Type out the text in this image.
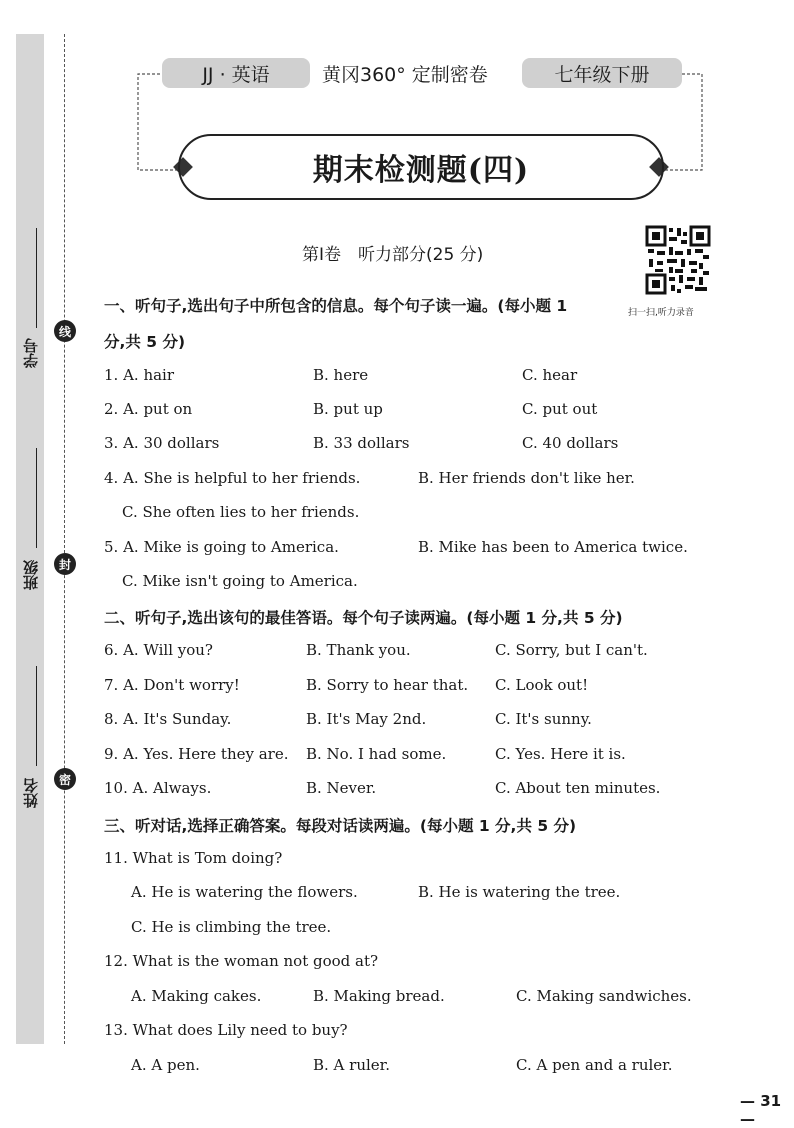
学号
班级
姓名
线
封
密
JJ · 英语	黄冈360° 定制密卷	七年级下册
期末检测题(四)
第Ⅰ卷　听力部分(25 分)
扫一扫,听力录音
一、听句子,选出句子中所包含的信息。每个句子读一遍。(每小题 1
分,共 5 分)
1. A. hair	B. here	C. hear
2. A. put on	B. put up	C. put out
3. A. 30 dollars	B. 33 dollars	C. 40 dollars
4. A. She is helpful to her friends.	B. Her friends don't like her.
C. She often lies to her friends.
5. A. Mike is going to America.	B. Mike has been to America twice.
C. Mike isn't going to America.
二、听句子,选出该句的最佳答语。每个句子读两遍。(每小题 1 分,共 5 分)
6. A. Will you?	B. Thank you.	C. Sorry, but I can't.
7. A. Don't worry!	B. Sorry to hear that. C. Look out!
8. A. It's Sunday.	B. It's May 2nd.	C. It's sunny.
9. A. Yes. Here they are. B. No. I had some.	C. Yes. Here it is.
10. A. Always.	B. Never.	C. About ten minutes.
三、听对话,选择正确答案。每段对话读两遍。(每小题 1 分,共 5 分)
11. What is Tom doing?
A. He is watering the flowers.	B. He is watering the tree.
C. He is climbing the tree.
12. What is the woman not good at?
A. Making cakes.	B. Making bread.	C. Making sandwiches.
13. What does Lily need to buy?
A. A pen.	B. A ruler.	C. A pen and a ruler.
— 31 —
